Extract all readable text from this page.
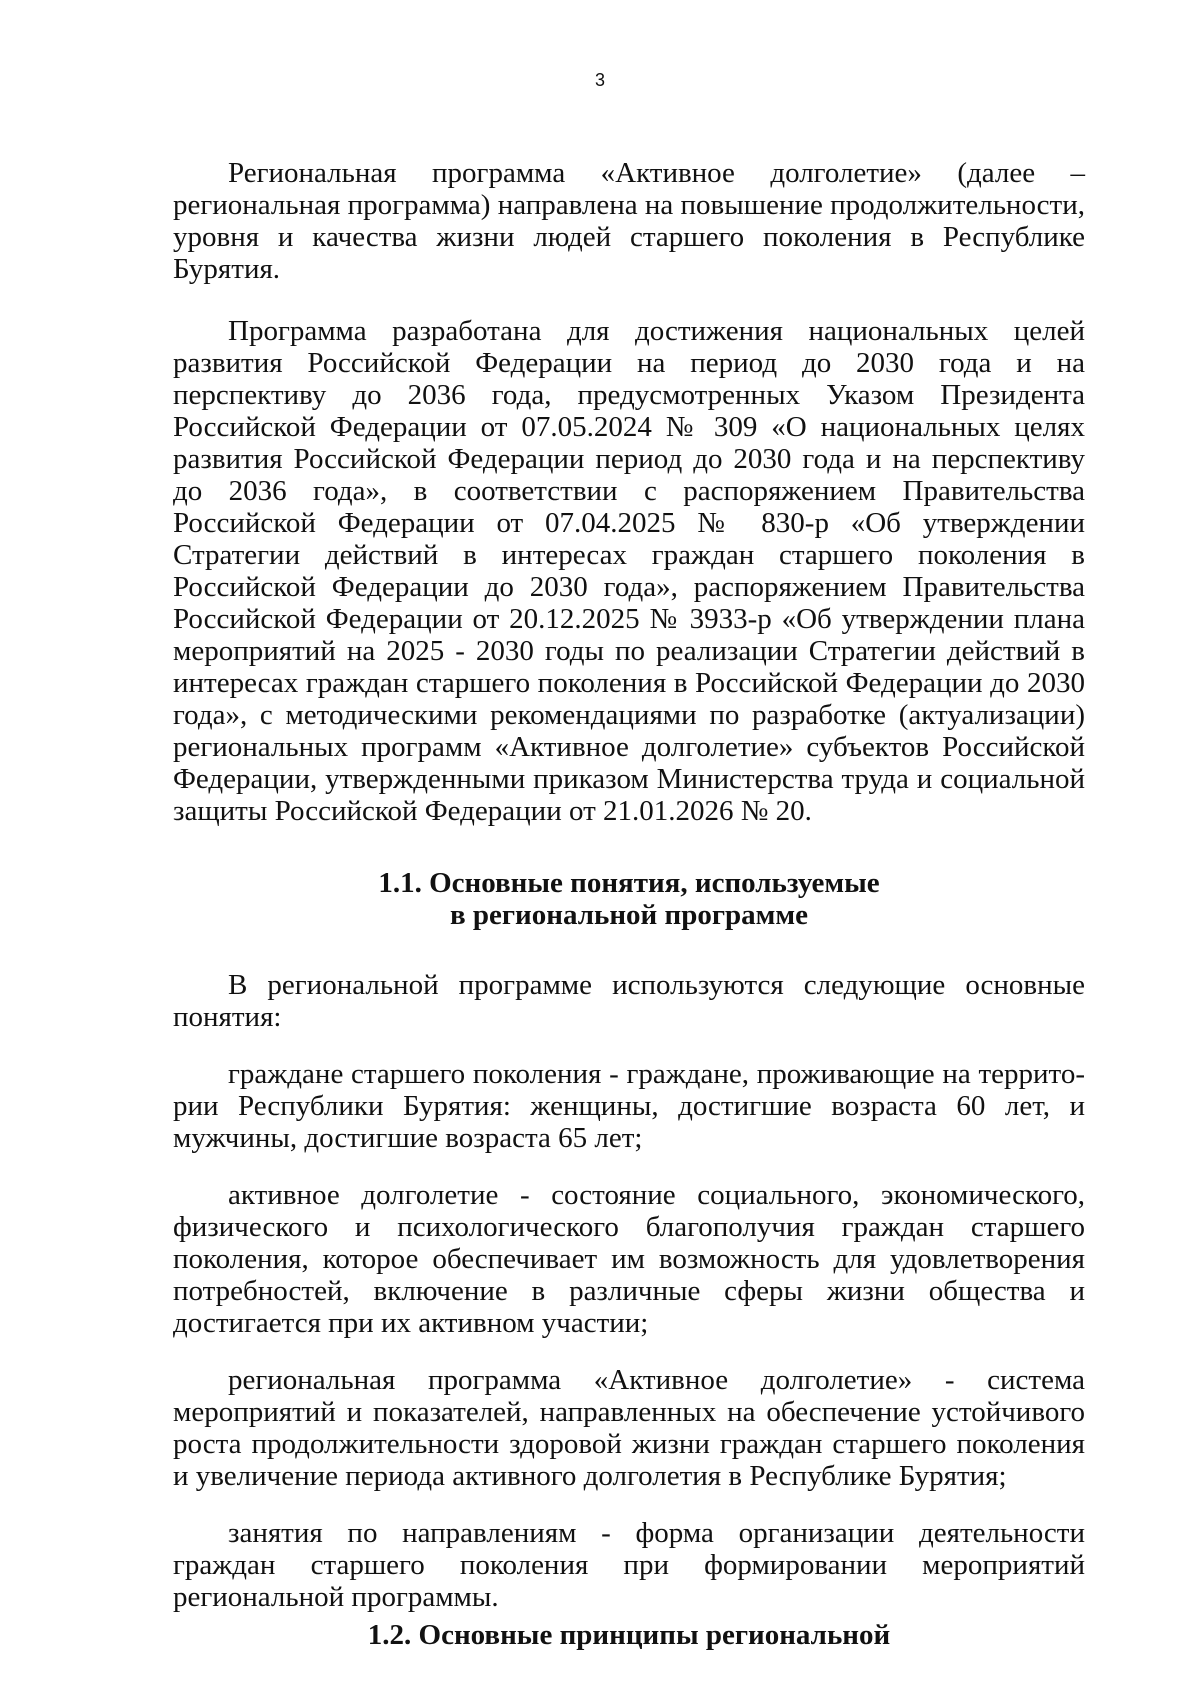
3

Региональная программа «Активное долголетие» (далее – региональная программа) направлена на повышение продолжительности, уровня и качества жизни людей старшего поколения в Республике Бурятия.

Программа разработана для достижения национальных целей развития Российской Федерации на период до 2030 года и на перспективу до 2036 года, предусмотренных Указом Президента Российской Федерации от 07.05.2024 № 309 «О национальных целях развития Российской Федерации период до 2030 года и на перспективу до 2036 года», в соответствии с распоряжением Правительства Российской Федерации от 07.04.2025 № 830-р «Об утверждении Стратегии действий в интересах граждан старшего поколения в Российской Федерации до 2030 года», распоряжением Правительства Российской Федерации от 20.12.2025 № 3933-р «Об утверждении плана мероприятий на 2025 - 2030 годы по реализации Стратегии действий в интересах граждан старшего поколения в Российской Федерации до 2030 года», с методическими рекомендациями по разработке (актуализации) региональных программ «Активное долголетие» субъектов Российской Федерации, утвержденными приказом Министерства труда и социальной защиты Российской Федерации от 21.01.2026 № 20.

1.1. Основные понятия, используемые
в региональной программе

В региональной программе используются следующие основные понятия:

граждане старшего поколения - граждане, проживающие на территории Республики Бурятия: женщины, достигшие возраста 60 лет, и мужчины, достигшие возраста 65 лет;

активное долголетие - состояние социального, экономического, физического и психологического благополучия граждан старшего поколения, которое обеспечивает им возможность для удовлетворения потребностей, включение в различные сферы жизни общества и достигается при их активном участии;

региональная программа «Активное долголетие» - система мероприятий и показателей, направленных на обеспечение устойчивого роста продолжительности здоровой жизни граждан старшего поколения и увеличение периода активного долголетия в Республике Бурятия;

занятия по направлениям - форма организации деятельности граждан старшего поколения при формировании мероприятий региональной программы.

1.2. Основные принципы региональной
